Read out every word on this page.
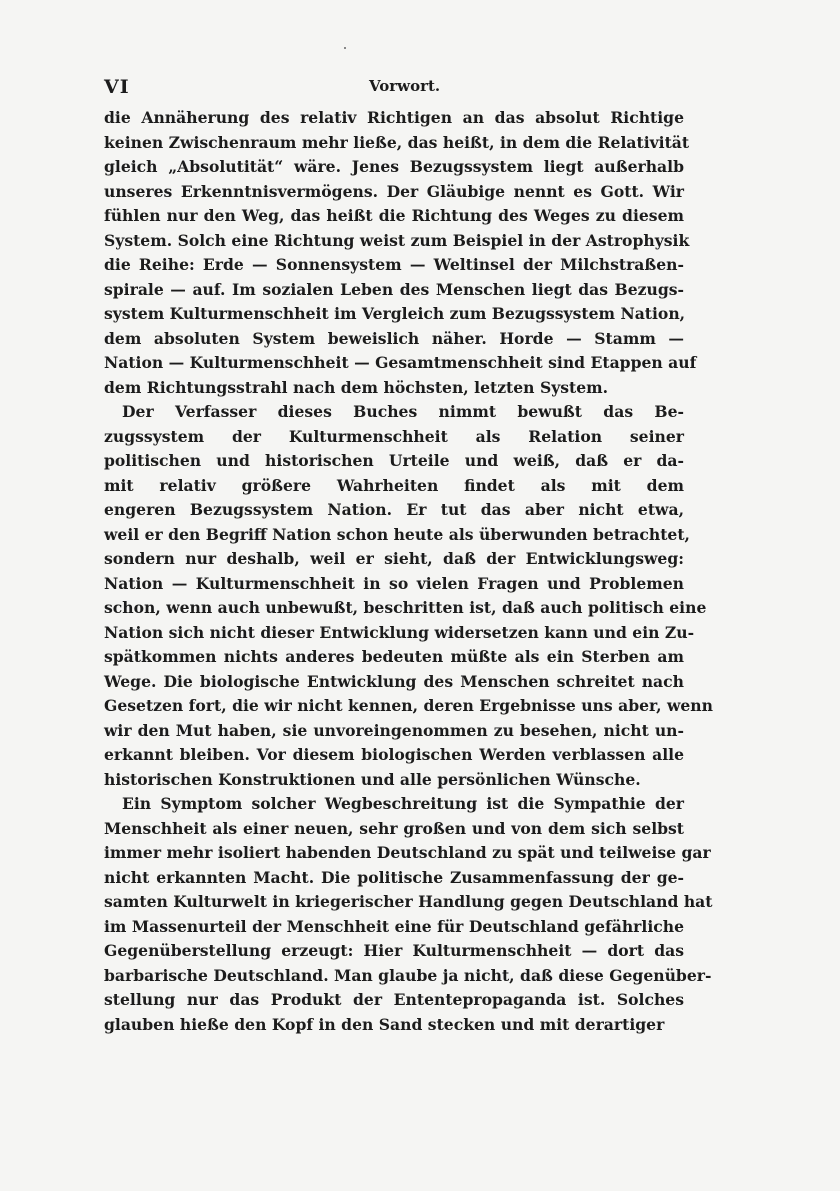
VI	Vorwort.
die Annäherung des relativ Richtigen an das absolut Richtige
keinen Zwischenraum mehr ließe, das heißt, in dem die Relativität
gleich „Absolutität“ wäre. Jenes Bezugssystem liegt außerhalb
unseres Erkenntnisvermögens. Der Gläubige nennt es Gott. Wir
fühlen nur den Weg, das heißt die Richtung des Weges zu diesem
System. Solch eine Richtung weist zum Beispiel in der Astrophysik
die Reihe: Erde — Sonnensystem — Weltinsel der Milchstraßen-
spirale — auf. Im sozialen Leben des Menschen liegt das Bezugs-
system Kulturmenschheit im Vergleich zum Bezugssystem Nation,
dem absoluten System beweislich näher. Horde — Stamm —
Nation — Kulturmenschheit — Gesamtmenschheit sind Etappen auf
dem Richtungsstrahl nach dem höchsten, letzten System.
Der Verfasser dieses Buches nimmt bewußt das Be-
zugssystem der Kulturmenschheit als Relation seiner
politischen und historischen Urteile und weiß, daß er da-
mit relativ größere Wahrheiten findet als mit dem
engeren Bezugssystem Nation. Er tut das aber nicht etwa,
weil er den Begriff Nation schon heute als überwunden betrachtet,
sondern nur deshalb, weil er sieht, daß der Entwicklungsweg:
Nation — Kulturmenschheit in so vielen Fragen und Problemen
schon, wenn auch unbewußt, beschritten ist, daß auch politisch eine
Nation sich nicht dieser Entwicklung widersetzen kann und ein Zu-
spätkommen nichts anderes bedeuten müßte als ein Sterben am
Wege. Die biologische Entwicklung des Menschen schreitet nach
Gesetzen fort, die wir nicht kennen, deren Ergebnisse uns aber, wenn
wir den Mut haben, sie unvoreingenommen zu besehen, nicht un-
erkannt bleiben. Vor diesem biologischen Werden verblassen alle
historischen Konstruktionen und alle persönlichen Wünsche.
Ein Symptom solcher Wegbeschreitung ist die Sympathie der
Menschheit als einer neuen, sehr großen und von dem sich selbst
immer mehr isoliert habenden Deutschland zu spät und teilweise gar
nicht erkannten Macht. Die politische Zusammenfassung der ge-
samten Kulturwelt in kriegerischer Handlung gegen Deutschland hat
im Massenurteil der Menschheit eine für Deutschland gefährliche
Gegenüberstellung erzeugt: Hier Kulturmenschheit — dort das
barbarische Deutschland. Man glaube ja nicht, daß diese Gegenüber-
stellung nur das Produkt der Ententepropaganda ist. Solches
glauben hieße den Kopf in den Sand stecken und mit derartiger
